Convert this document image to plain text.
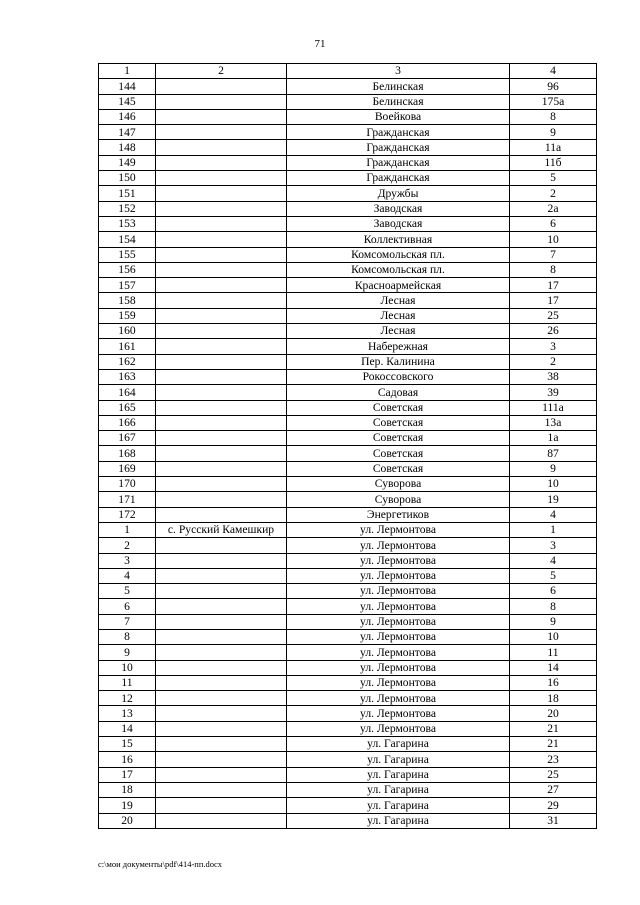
71
1	2	3	4
144		Белинская	96
145		Белинская	175а
146		Воейкова	8
147		Гражданская	9
148		Гражданская	11а
149		Гражданская	11б
150		Гражданская	5
151		Дружбы	2
152		Заводская	2а
153		Заводская	6
154		Коллективная	10
155		Комсомольская пл.	7
156		Комсомольская пл.	8
157		Красноармейская	17
158		Лесная	17
159		Лесная	25
160		Лесная	26
161		Набережная	3
162		Пер. Калинина	2
163		Рокоссовского	38
164		Садовая	39
165		Советская	111а
166		Советская	13а
167		Советская	1а
168		Советская	87
169		Советская	9
170		Суворова	10
171		Суворова	19
172		Энергетиков	4
1	с. Русский Камешкир	ул. Лермонтова	1
2		ул. Лермонтова	3
3		ул. Лермонтова	4
4		ул. Лермонтова	5
5		ул. Лермонтова	6
6		ул. Лермонтова	8
7		ул. Лермонтова	9
8		ул. Лермонтова	10
9		ул. Лермонтова	11
10		ул. Лермонтова	14
11		ул. Лермонтова	16
12		ул. Лермонтова	18
13		ул. Лермонтова	20
14		ул. Лермонтова	21
15		ул. Гагарина	21
16		ул. Гагарина	23
17		ул. Гагарина	25
18		ул. Гагарина	27
19		ул. Гагарина	29
20		ул. Гагарина	31
c:\мои документы\pdf\414-пп.docx
